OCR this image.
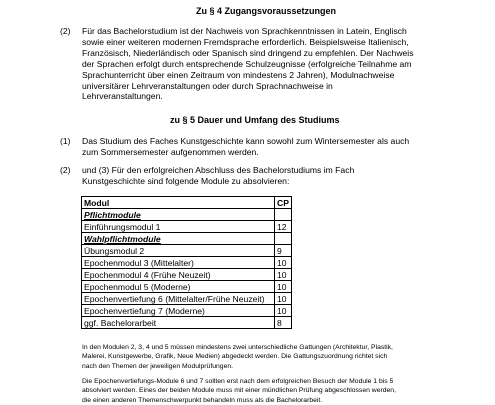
Zu § 4 Zugangsvoraussetzungen
(2) Für das Bachelorstudium ist der Nachweis von Sprachkenntnissen in Latein, Englisch
sowie einer weiteren modernen Fremdsprache erforderlich. Beispielsweise Italienisch,
Französisch, Niederländisch oder Spanisch sind dringend zu empfehlen. Der Nachweis
der Sprachen erfolgt durch entsprechende Schulzeugnisse (erfolgreiche Teilnahme am
Sprachunterricht über einen Zeitraum von mindestens 2 Jahren), Modulnachweise
universitärer Lehrveranstaltungen oder durch Sprachnachweise in
Lehrveranstaltungen.
zu § 5 Dauer und Umfang des Studiums
(1) Das Studium des Faches Kunstgeschichte kann sowohl zum Wintersemester als auch
zum Sommersemester aufgenommen werden.
(2) und (3) Für den erfolgreichen Abschluss des Bachelorstudiums im Fach
Kunstgeschichte sind folgende Module zu absolvieren:
Modul	CP
Pflichtmodule	
Einführungsmodul 1	12
Wahlpflichtmodule	
Übungsmodul 2	9
Epochenmodul 3 (Mittelalter)	10
Epochenmodul 4 (Frühe Neuzeit)	10
Epochenmodul 5 (Moderne)	10
Epochenvertiefung 6 (Mittelalter/Frühe Neuzeit)	10
Epochenvertiefung 7 (Moderne)	10
ggf. Bachelorarbeit	8
In den Modulen 2, 3, 4 und 5 müssen mindestens zwei unterschiedliche Gattungen (Architektur, Plastik,
Malerei, Kunstgewerbe, Grafik, Neue Medien) abgedeckt werden. Die Gattungszuordnung richtet sich
nach den Themen der jeweiligen Modulprüfungen.
Die Epochenvertiefungs-Module 6 und 7 sollten erst nach dem erfolgreichen Besuch der Module 1 bis 5
absolviert werden. Eines der beiden Module muss mit einer mündlichen Prüfung abgeschlossen werden,
die einen anderen Themenschwerpunkt behandeln muss als die Bachelorarbeit.
